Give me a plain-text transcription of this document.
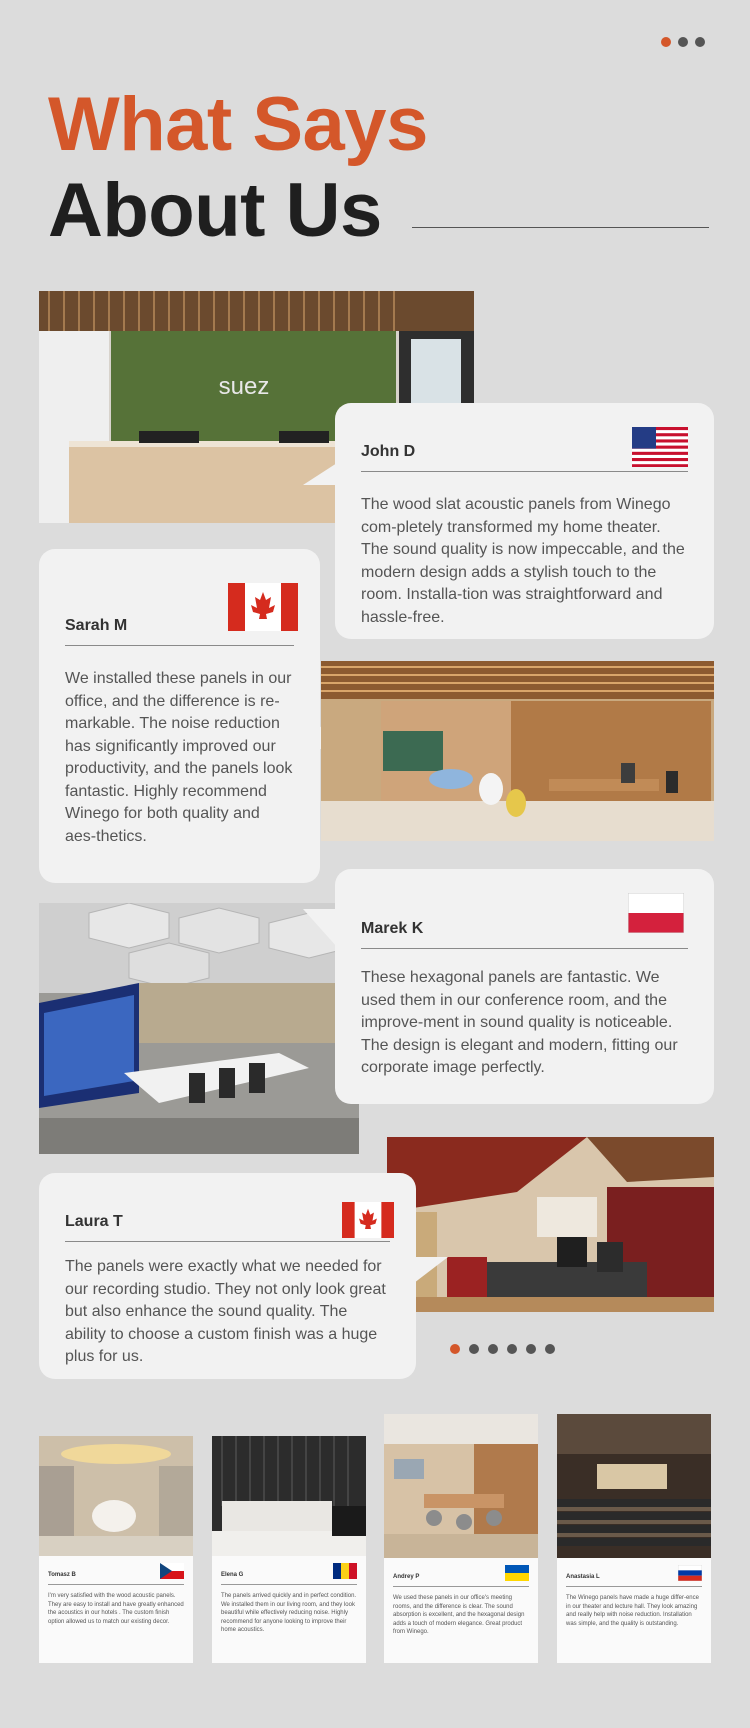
What Says
About Us
suez
John D
The wood slat acoustic panels from Winego com-pletely transformed my home theater. The sound quality is now impeccable, and the modern design adds a stylish touch to the room. Installa-tion was straightforward and hassle-free.
Sarah M
We installed these panels in our office, and the difference is re-markable. The noise reduction has significantly improved our productivity, and the panels look fantastic. Highly recommend Winego for both quality and aes-thetics.
Marek K
These hexagonal panels are fantastic. We used them in our conference room, and the improve-ment in sound quality is noticeable. The design is elegant and modern, fitting our corporate image perfectly.
Laura T
The panels were exactly what we needed for our recording studio. They not only look great but also enhance the sound quality. The ability to choose a custom finish was a huge plus for us.
Tomasz B
I'm very satisfied with the wood acoustic panels. They are easy to install and have greatly enhanced the acoustics in our hotels . The custom finish option allowed us to match our existing decor.
Elena G
The panels arrived quickly and in perfect condition. We installed them in our living room, and they look beautiful while effectively reducing noise. Highly recommend for anyone looking to improve their home acoustics.
Andrey P
We used these panels in our office's meeting rooms, and the difference is clear. The sound absorption is excellent, and the hexagonal design adds a touch of modern elegance. Great product from Winego.
Anastasia L
The Winego panels have made a huge differ-ence in our theater and lecture hall. They look amazing and really help with noise reduction. Installation was simple, and the quality is outstanding.
